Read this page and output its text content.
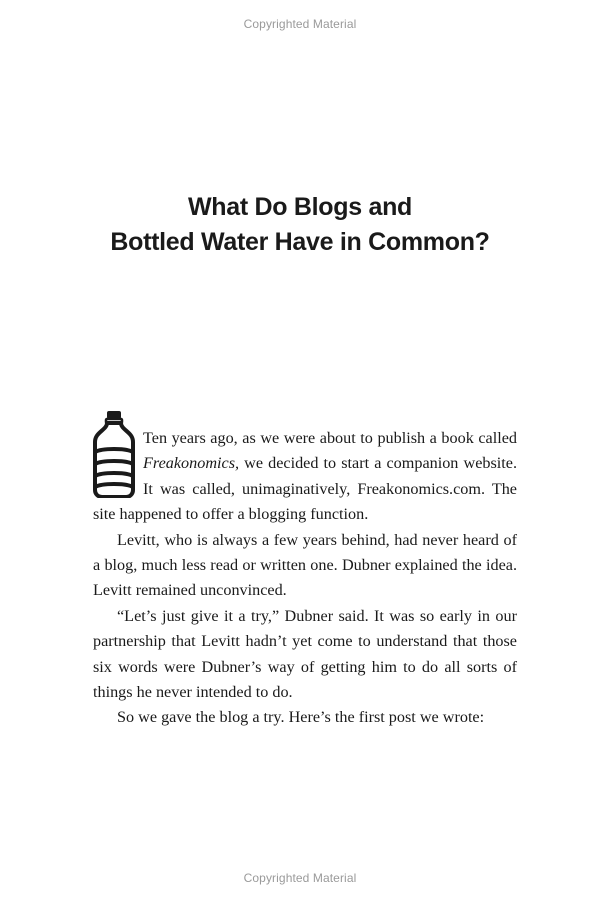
Copyrighted Material
What Do Blogs and
Bottled Water Have in Common?

Ten years ago, as we were about to publish a book called Freakonomics, we decided to start a companion website. It was called, unimaginatively, Freakonomics.com. The site happened to offer a blogging function.

Levitt, who is always a few years behind, had never heard of a blog, much less read or written one. Dubner explained the idea. Levitt remained unconvinced.

“Let’s just give it a try,” Dubner said. It was so early in our partnership that Levitt hadn’t yet come to understand that those six words were Dubner’s way of getting him to do all sorts of things he never intended to do.

So we gave the blog a try. Here’s the first post we wrote:

Copyrighted Material
